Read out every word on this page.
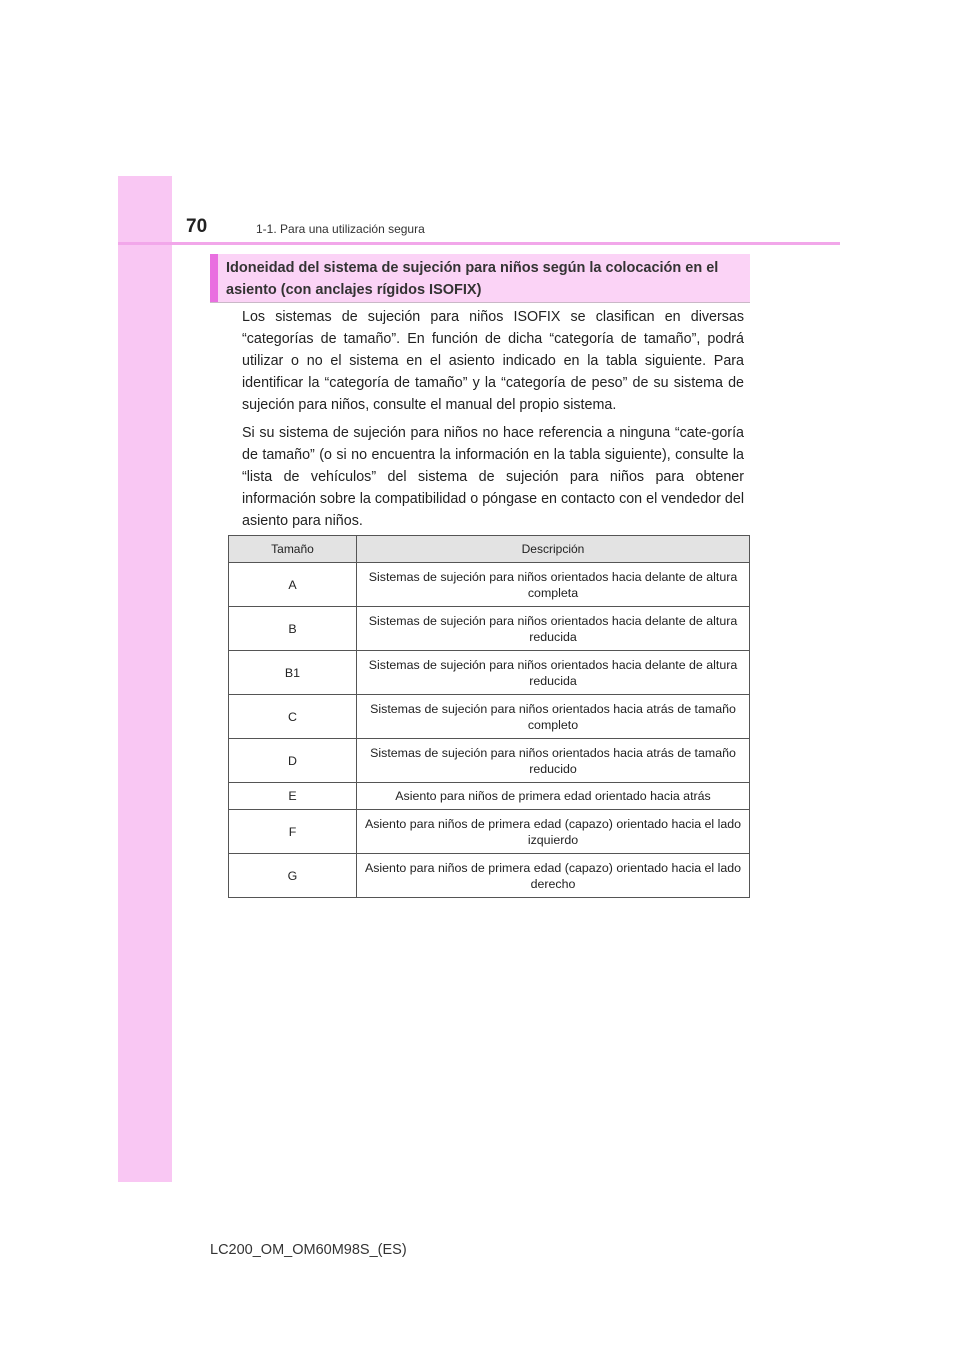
70	1-1. Para una utilización segura
Idoneidad del sistema de sujeción para niños según la colocación en el asiento (con anclajes rígidos ISOFIX)

Los sistemas de sujeción para niños ISOFIX se clasifican en diversas “categorías de tamaño”. En función de dicha “categoría de tamaño”, podrá utilizar o no el sistema en el asiento indicado en la tabla siguiente. Para identificar la “categoría de tamaño” y la “categoría de peso” de su sistema de sujeción para niños, consulte el manual del propio sistema.

Si su sistema de sujeción para niños no hace referencia a ninguna “cate-goría de tamaño” (o si no encuentra la información en la tabla siguiente), consulte la “lista de vehículos” del sistema de sujeción para niños para obtener información sobre la compatibilidad o póngase en contacto con el vendedor del asiento para niños.

Tamaño	Descripción
A	Sistemas de sujeción para niños orientados hacia delante de altura completa
B	Sistemas de sujeción para niños orientados hacia delante de altura reducida
B1	Sistemas de sujeción para niños orientados hacia delante de altura reducida
C	Sistemas de sujeción para niños orientados hacia atrás de tamaño completo
D	Sistemas de sujeción para niños orientados hacia atrás de tamaño reducido
E	Asiento para niños de primera edad orientado hacia atrás
F	Asiento para niños de primera edad (capazo) orientado hacia el lado izquierdo
G	Asiento para niños de primera edad (capazo) orientado hacia el lado derecho
LC200_OM_OM60M98S_(ES)
